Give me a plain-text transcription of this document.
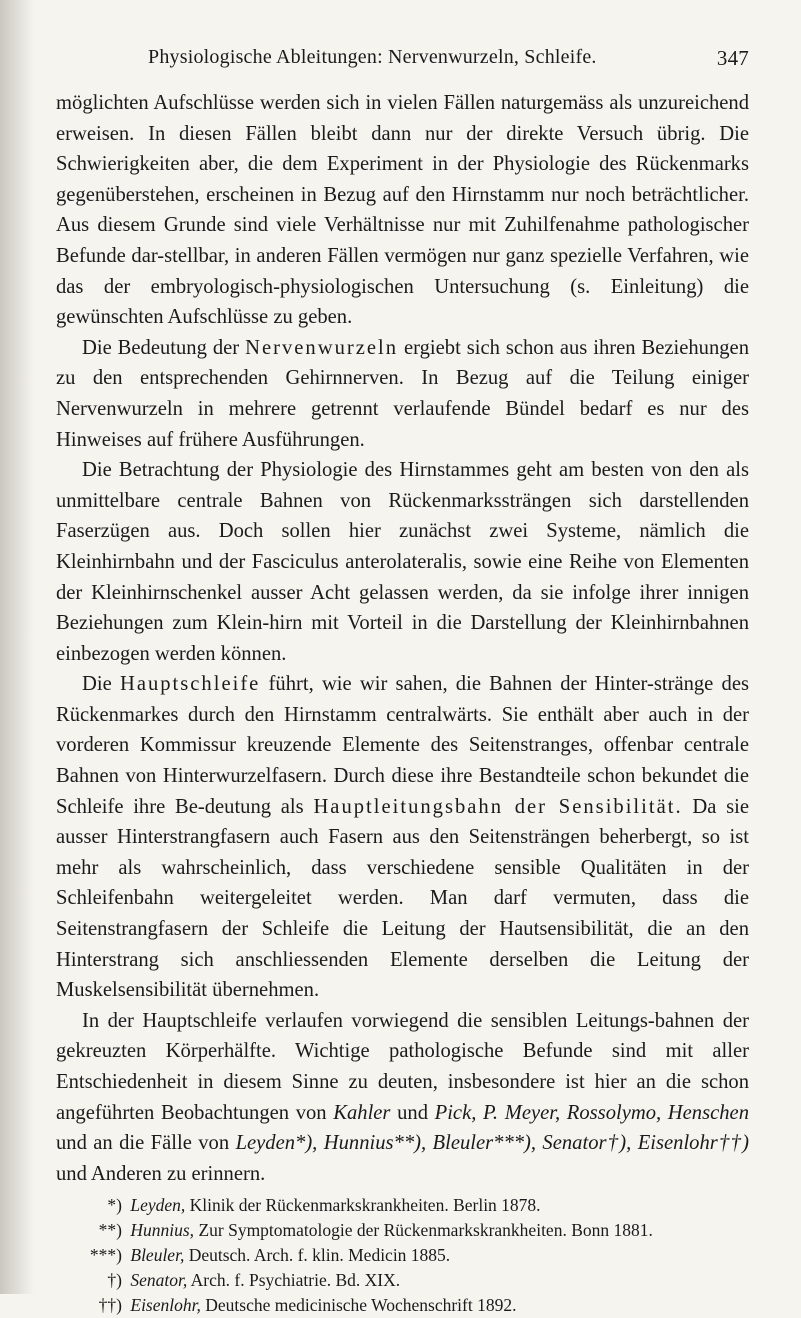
Physiologische Ableitungen: Nervenwurzeln, Schleife.	347

möglichten Aufschlüsse werden sich in vielen Fällen naturgemäss als unzureichend erweisen. In diesen Fällen bleibt dann nur der direkte Versuch übrig. Die Schwierigkeiten aber, die dem Experiment in der Physiologie des Rückenmarks gegenüberstehen, erscheinen in Bezug auf den Hirnstamm nur noch beträchtlicher. Aus diesem Grunde sind viele Verhältnisse nur mit Zuhilfenahme pathologischer Befunde dar-stellbar, in anderen Fällen vermögen nur ganz spezielle Verfahren, wie das der embryologisch-physiologischen Untersuchung (s. Einleitung) die gewünschten Aufschlüsse zu geben.

Die Bedeutung der Nervenwurzeln ergiebt sich schon aus ihren Beziehungen zu den entsprechenden Gehirnnerven. In Bezug auf die Teilung einiger Nervenwurzeln in mehrere getrennt verlaufende Bündel bedarf es nur des Hinweises auf frühere Ausführungen.

Die Betrachtung der Physiologie des Hirnstammes geht am besten von den als unmittelbare centrale Bahnen von Rückenmarkssträngen sich darstellenden Faserzügen aus. Doch sollen hier zunächst zwei Systeme, nämlich die Kleinhirnbahn und der Fasciculus anterolateralis, sowie eine Reihe von Elementen der Kleinhirnschenkel ausser Acht gelassen werden, da sie infolge ihrer innigen Beziehungen zum Klein-hirn mit Vorteil in die Darstellung der Kleinhirnbahnen einbezogen werden können.

Die Hauptschleife führt, wie wir sahen, die Bahnen der Hinter-stränge des Rückenmarkes durch den Hirnstamm centralwärts. Sie enthält aber auch in der vorderen Kommissur kreuzende Elemente des Seitenstranges, offenbar centrale Bahnen von Hinterwurzelfasern. Durch diese ihre Bestandteile schon bekundet die Schleife ihre Be-deutung als Hauptleitungsbahn der Sensibilität. Da sie ausser Hinterstrangfasern auch Fasern aus den Seitensträngen beherbergt, so ist mehr als wahrscheinlich, dass verschiedene sensible Qualitäten in der Schleifenbahn weitergeleitet werden. Man darf vermuten, dass die Seitenstrangfasern der Schleife die Leitung der Hautsensibilität, die an den Hinterstrang sich anschliessenden Elemente derselben die Leitung der Muskelsensibilität übernehmen.

In der Hauptschleife verlaufen vorwiegend die sensiblen Leitungs-bahnen der gekreuzten Körperhälfte. Wichtige pathologische Befunde sind mit aller Entschiedenheit in diesem Sinne zu deuten, insbesondere ist hier an die schon angeführten Beobachtungen von Kahler und Pick, P. Meyer, Rossolymo, Henschen und an die Fälle von Leyden*), Hunnius**), Bleuler***), Senator†), Eisenlohr††) und Anderen zu erinnern.

*) Leyden, Klinik der Rückenmarkskrankheiten. Berlin 1878.
**) Hunnius, Zur Symptomatologie der Rückenmarkskrankheiten. Bonn 1881.
***) Bleuler, Deutsch. Arch. f. klin. Medicin 1885.
†) Senator, Arch. f. Psychiatrie. Bd. XIX.
††) Eisenlohr, Deutsche medicinische Wochenschrift 1892.
